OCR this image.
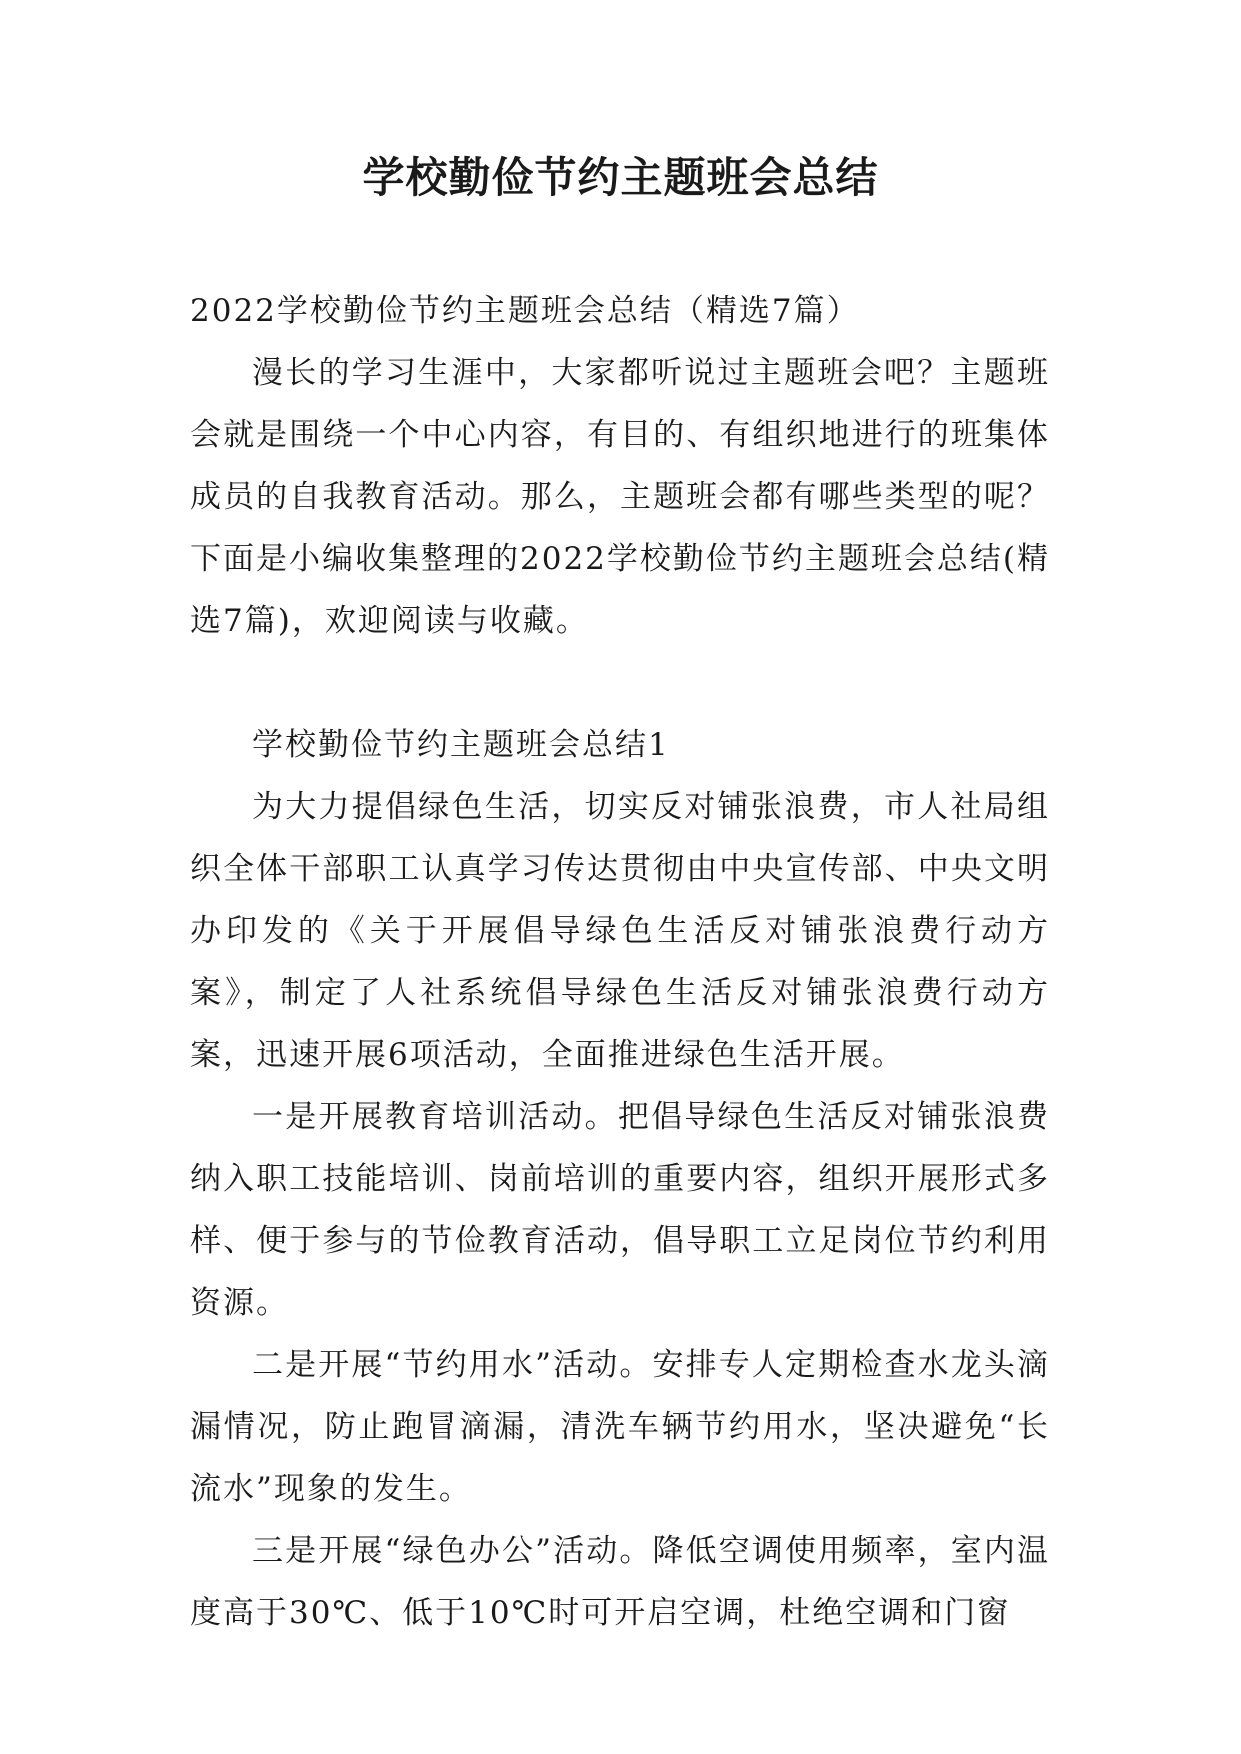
学校勤俭节约主题班会总结

2022学校勤俭节约主题班会总结（精选7篇）

漫长的学习生涯中，大家都听说过主题班会吧？主题班会就是围绕一个中心内容，有目的、有组织地进行的班集体成员的自我教育活动。那么，主题班会都有哪些类型的呢？下面是小编收集整理的2022学校勤俭节约主题班会总结(精选7篇)，欢迎阅读与收藏。

学校勤俭节约主题班会总结1

为大力提倡绿色生活，切实反对铺张浪费，市人社局组织全体干部职工认真学习传达贯彻由中央宣传部、中央文明办印发的《关于开展倡导绿色生活反对铺张浪费行动方案》，制定了人社系统倡导绿色生活反对铺张浪费行动方案，迅速开展6项活动，全面推进绿色生活开展。

一是开展教育培训活动。把倡导绿色生活反对铺张浪费纳入职工技能培训、岗前培训的重要内容，组织开展形式多样、便于参与的节俭教育活动，倡导职工立足岗位节约利用资源。

二是开展“节约用水”活动。安排专人定期检查水龙头滴漏情况，防止跑冒滴漏，清洗车辆节约用水，坚决避免“长流水”现象的发生。

三是开展“绿色办公”活动。降低空调使用频率，室内温度高于30℃、低于10℃时可开启空调，杜绝空调和门窗
